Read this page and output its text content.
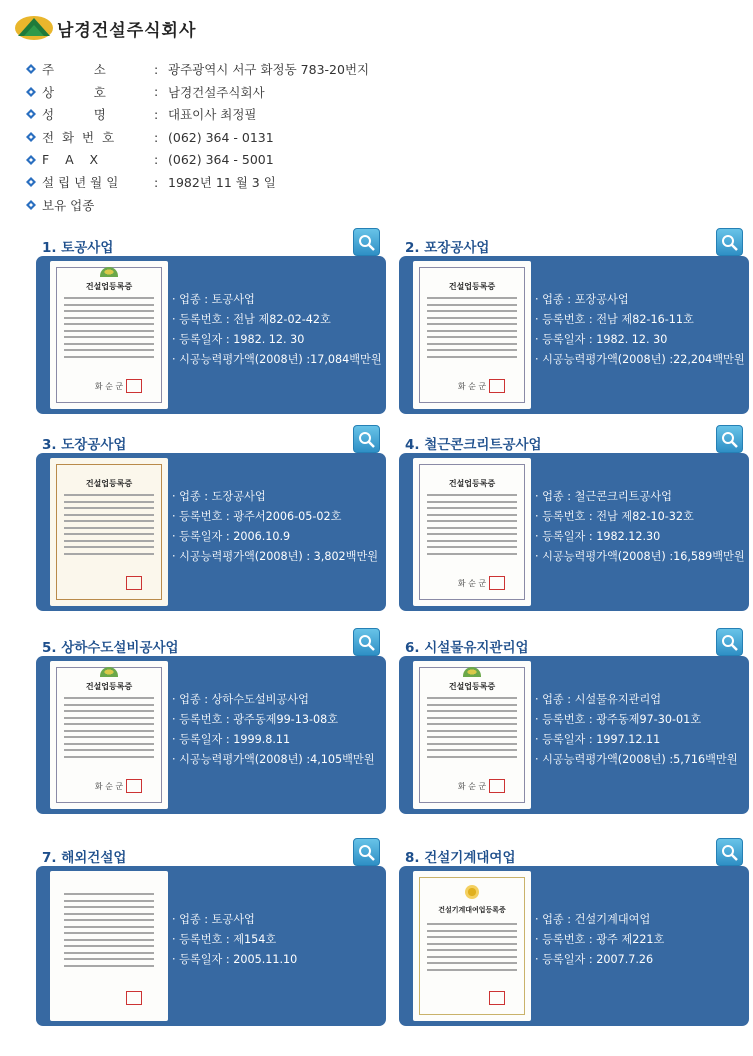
남경건설주식회사
주          소	: 광주광역시 서구 화정동 783-20번지
상          호	: 남경건설주식회사
성          명	: 대표이사 최정필
전  화  번  호	: (062) 364 - 0131
F    A    X	: (062) 364 - 5001
설 립 년 월 일	: 1982년 11 월 3 일
보유 업종
1. 토공사업
건설업등록증
화 순 군
· 업종 : 토공사업
· 등록번호 : 전남 제82-02-42호
· 등록일자 : 1982. 12. 30
· 시공능력평가액(2008년) :17,084백만원
2. 포장공사업
건설업등록증
화 순 군
· 업종 : 포장공사업
· 등록번호 : 전남 제82-16-11호
· 등록일자 : 1982. 12. 30
· 시공능력평가액(2008년) :22,204백만원
3. 도장공사업
건설업등록증
· 업종 : 도장공사업
· 등록번호 : 광주서2006-05-02호
· 등록일자 : 2006.10.9
· 시공능력평가액(2008년) : 3,802백만원
4. 철근콘크리트공사업
건설업등록증
화 순 군
· 업종 : 철근콘크리트공사업
· 등록번호 : 전남 제82-10-32호
· 등록일자 : 1982.12.30
· 시공능력평가액(2008년) :16,589백만원
5. 상하수도설비공사업
건설업등록증
화 순 군
· 업종 : 상하수도설비공사업
· 등록번호 : 광주동제99-13-08호
· 등록일자 : 1999.8.11
· 시공능력평가액(2008년) :4,105백만원
6. 시설물유지관리업
건설업등록증
화 순 군
· 업종 : 시설물유지관리업
· 등록번호 : 광주동제97-30-01호
· 등록일자 : 1997.12.11
· 시공능력평가액(2008년) :5,716백만원
7. 해외건설업
· 업종 : 토공사업
· 등록번호 : 제154호
· 등록일자 : 2005.11.10
8. 건설기계대여업
건설기계대여업등록증
· 업종 : 건설기계대여업
· 등록번호 : 광주 제221호
· 등록일자 : 2007.7.26
